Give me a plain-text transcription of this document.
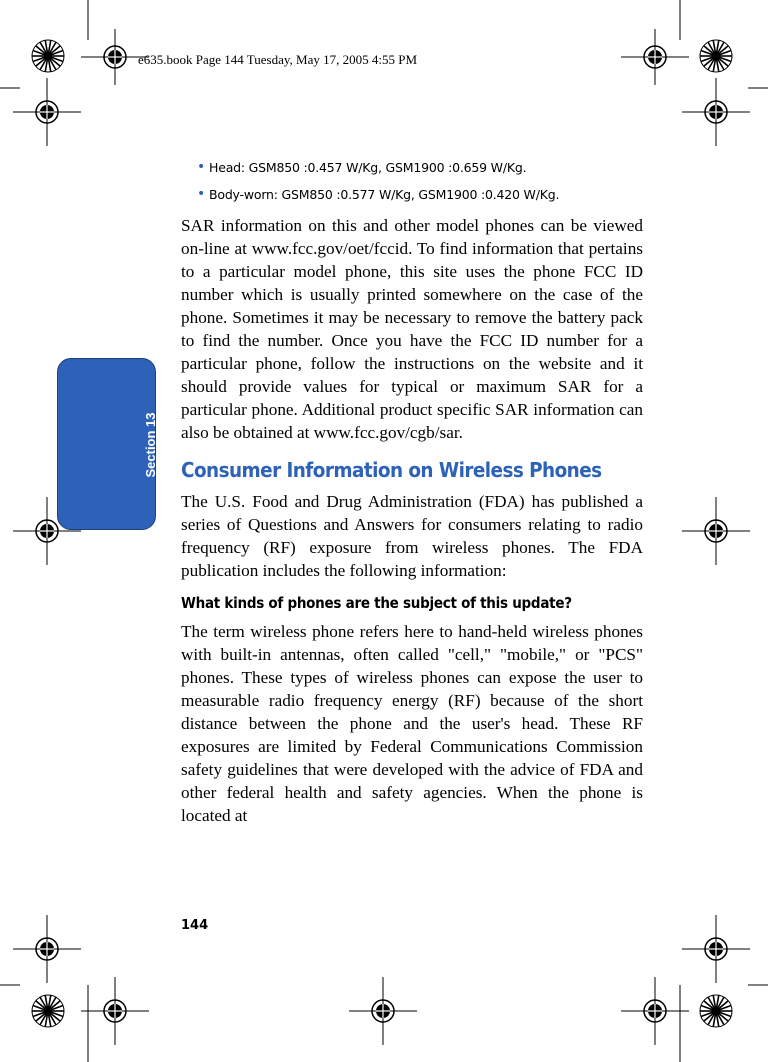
e635.book Page 144 Tuesday, May 17, 2005 4:55 PM
Section 13

• Head: GSM850 :0.457 W/Kg, GSM1900 :0.659 W/Kg.

• Body-worn: GSM850 :0.577 W/Kg, GSM1900 :0.420 W/Kg.

SAR information on this and other model phones can be viewed on-line at www.fcc.gov/oet/fccid. To find information that pertains to a particular model phone, this site uses the phone FCC ID number which is usually printed somewhere on the case of the phone. Sometimes it may be necessary to remove the battery pack to find the number. Once you have the FCC ID number for a particular phone, follow the instructions on the website and it should provide values for typical or maximum SAR for a particular phone. Additional product specific SAR information can also be obtained at www.fcc.gov/cgb/sar.

Consumer Information on Wireless Phones

The U.S. Food and Drug Administration (FDA) has published a series of Questions and Answers for consumers relating to radio frequency (RF) exposure from wireless phones. The FDA publication includes the following information:

What kinds of phones are the subject of this update?

The term wireless phone refers here to hand-held wireless phones with built-in antennas, often called "cell," "mobile," or "PCS" phones. These types of wireless phones can expose the user to measurable radio frequency energy (RF) because of the short distance between the phone and the user's head. These RF exposures are limited by Federal Communications Commission safety guidelines that were developed with the advice of FDA and other federal health and safety agencies. When the phone is located at

144
